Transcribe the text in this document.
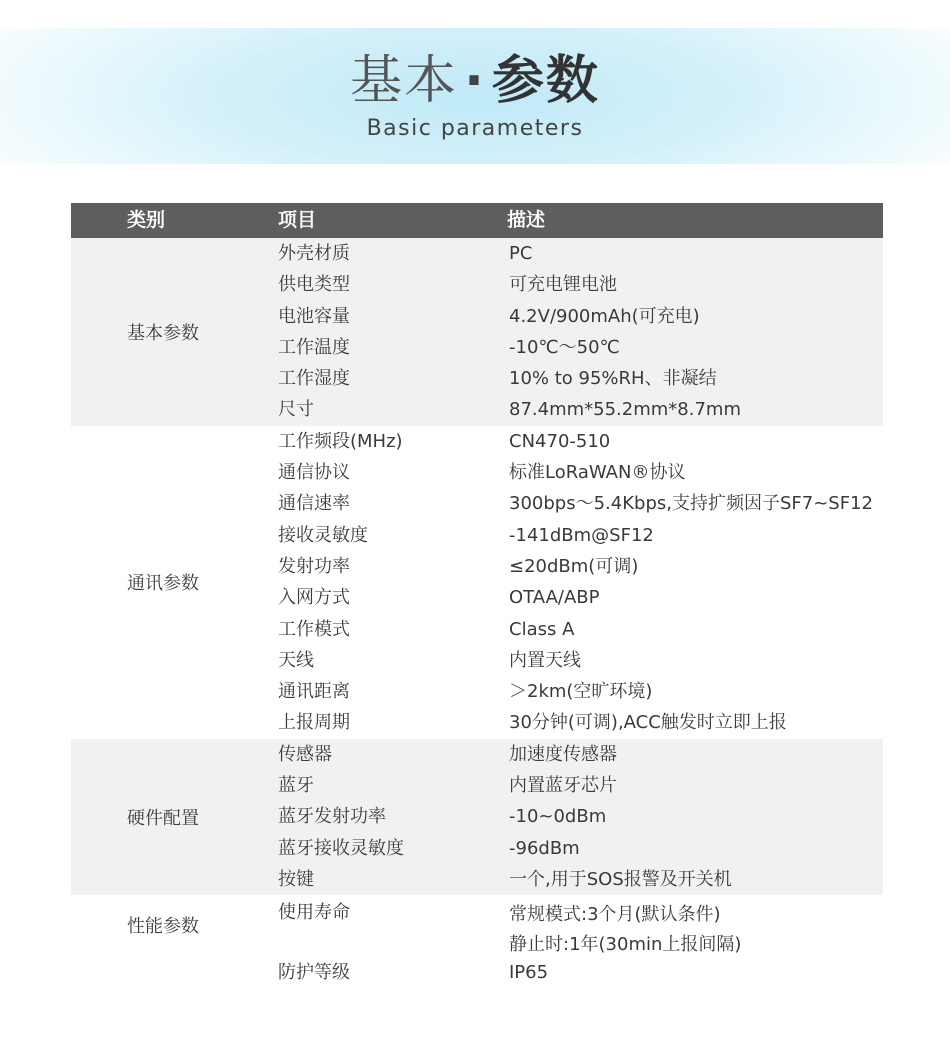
基本 · 参数
Basic parameters
类别	项目	描述
基本参数
外壳材质	PC
供电类型	可充电锂电池
电池容量	4.2V/900mAh(可充电)
工作温度	-10℃～50℃
工作湿度	10% to 95%RH、非凝结
尺寸	87.4mm*55.2mm*8.7mm
通讯参数
工作频段(MHz)	CN470-510
通信协议	标准LoRaWAN®协议
通信速率	300bps～5.4Kbps,支持扩频因子SF7~SF12
接收灵敏度	-141dBm@SF12
发射功率	≤20dBm(可调)
入网方式	OTAA/ABP
工作模式	Class A
天线	内置天线
通讯距离	＞2km(空旷环境)
上报周期	30分钟(可调),ACC触发时立即上报
硬件配置
传感器	加速度传感器
蓝牙	内置蓝牙芯片
蓝牙发射功率	-10~0dBm
蓝牙接收灵敏度	-96dBm
按键	一个,用于SOS报警及开关机
性能参数
使用寿命	常规模式:3个月(默认条件)
静止时:1年(30min上报间隔)
防护等级	IP65
